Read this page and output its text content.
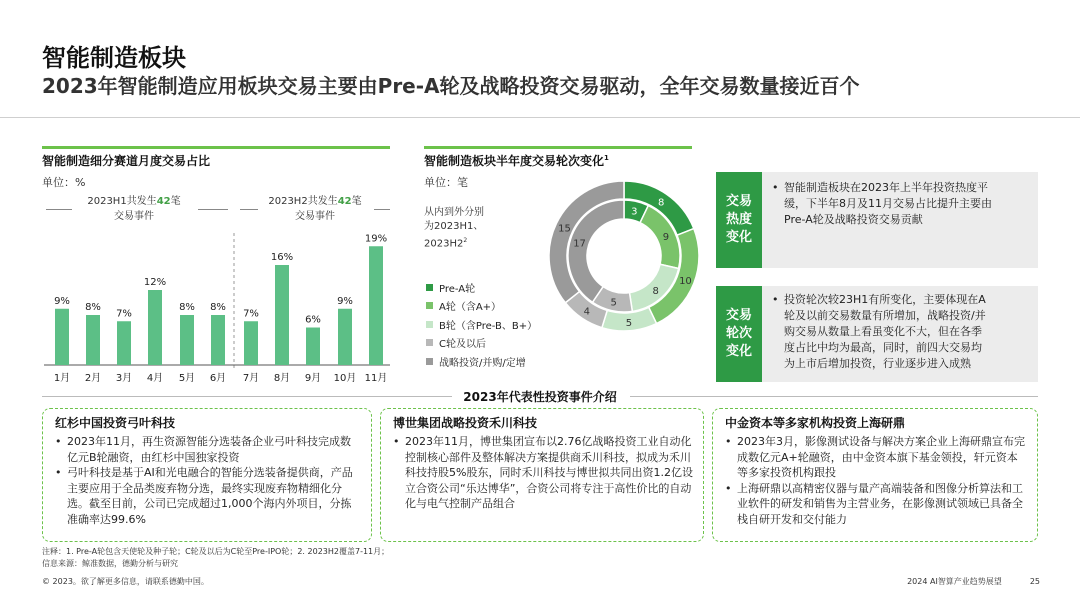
智能制造板块
2023年智能制造应用板块交易主要由Pre-A轮及战略投资交易驱动，全年交易数量接近百个
智能制造细分赛道月度交易占比
单位：%
2023H1共发生42笔
交易事件
2023H2共发生42笔
交易事件
9%
1月
8%
2月
7%
3月
12%
4月
8%
5月
8%
6月
7%
7月
16%
8月
6%
9月
9%
10月
19%
11月
智能制造板块半年度交易轮次变化$^1$
单位：笔
从内到外分别
为2023H1、
$2023H2^2$
Pre-A轮
A轮（含A+）
B轮（含Pre-B、B+）
C轮及以后
战略投资/并购/定增
3
9
8
5
17
8
10
5
4
15
交易
热度
变化
• 智能制造板块在2023年上半年投资热度平
缓，下半年8月及11月交易占比提升主要由
Pre-A轮及战略投资交易贡献
交易
轮次
变化
• 投资轮次较23H1有所变化，主要体现在A
轮及以前交易数量有所增加，战略投资/并
购交易从数量上看虽变化不大，但在各季
度占比中均为最高，同时，前四大交易均
为上市后增加投资，行业逐步进入成熟
2023年代表性投资事件介绍
红杉中国投资弓叶科技
• 2023年11月，再生资源智能分选装备企业弓叶科技完成数亿元B轮融资，由红杉中国独家投资
• 弓叶科技是基于AI和光电融合的智能分选装备提供商，产品主要应用于全品类废弃物分选，最终实现废弃物精细化分选。截至目前，公司已完成超过1,000个海内外项目，分拣准确率达99.6%
博世集团战略投资禾川科技
• 2023年11月，博世集团宣布以2.76亿战略投资工业自动化控制核心部件及整体解决方案提供商禾川科技，拟成为禾川科技持股5%股东，同时禾川科技与博世拟共同出资1.2亿设立合资公司“乐达博华”，合资公司将专注于高性价比的自动化与电气控制产品组合
中金资本等多家机构投资上海研鼎
• 2023年3月，影像测试设备与解决方案企业上海研鼎宣布完成数亿元A+轮融资，由中金资本旗下基金领投，轩元资本等多家投资机构跟投
• 上海研鼎以高精密仪器与量产高端装备和图像分析算法和工业软件的研发和销售为主营业务，在影像测试领域已具备全栈自研开发和交付能力
注释：1. Pre-A轮包含天使轮及种子轮；C轮及以后为C轮至Pre-IPO轮；2. 2023H2覆盖7-11月；
信息来源：鲸准数据，德勤分析与研究
© 2023。欲了解更多信息，请联系德勤中国。	2024 AI智算产业趋势展望	25
